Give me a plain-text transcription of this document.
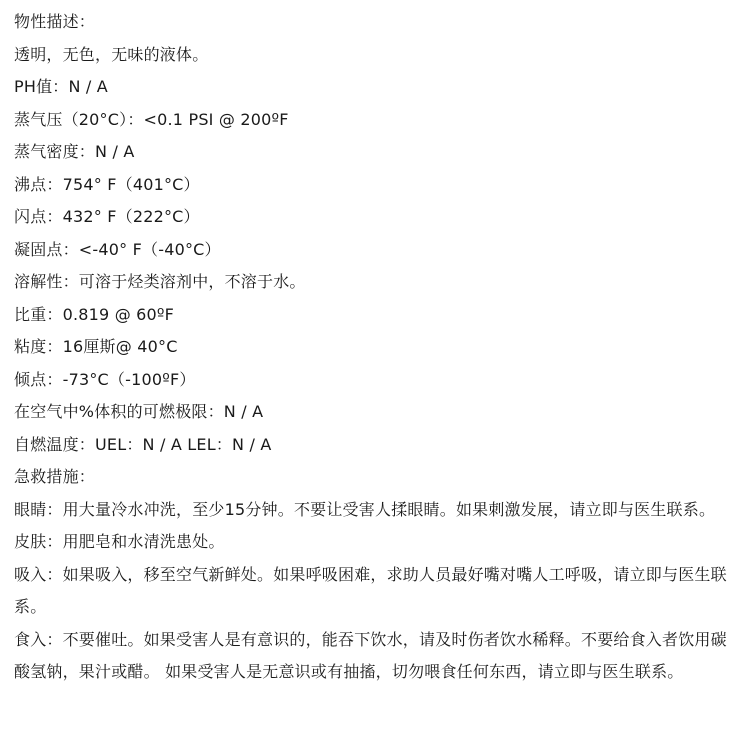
物性描述：
透明，无色，无味的液体。
PH值：N / A
蒸气压（20°C）：<0.1 PSI @ 200ºF
蒸气密度：N / A
沸点：754° F（401°C）
闪点：432° F（222°C）
凝固点：<-40° F（-40°C）
溶解性：可溶于烃类溶剂中，不溶于水。
比重：0.819 @ 60ºF
粘度：16厘斯@ 40°C
倾点：-73°C（-100ºF）
在空气中%体积的可燃极限：N / A
自燃温度：UEL：N / A LEL：N / A
急救措施：
眼睛：用大量冷水冲洗，至少15分钟。不要让受害人揉眼睛。如果刺激发展，请立即与医生联系。
皮肤：用肥皂和水清洗患处。
吸入：如果吸入，移至空气新鲜处。如果呼吸困难，求助人员最好嘴对嘴人工呼吸，请立即与医生联系。
食入：不要催吐。如果受害人是有意识的，能吞下饮水，请及时伤者饮水稀释。不要给食入者饮用碳酸氢钠，果汁或醋。 如果受害人是无意识或有抽搐，切勿喂食任何东西，请立即与医生联系。
